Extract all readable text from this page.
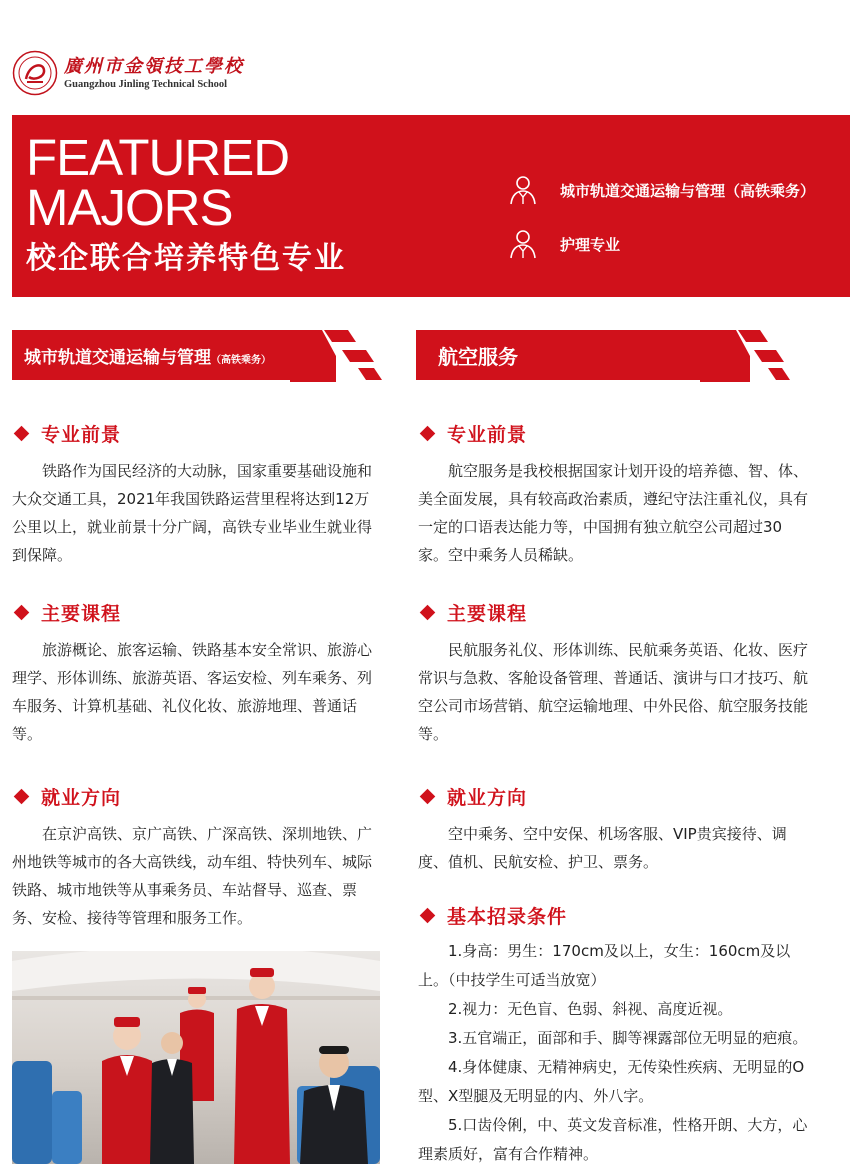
廣州市金領技工學校
Guangzhou Jinling Technical School
FEATURED
MAJORS
校企联合培养特色专业
城市轨道交通运输与管理（高铁乘务）
护理专业
城市轨道交通运输与管理（高铁乘务）	航空服务
专业前景

铁路作为国民经济的大动脉，国家重要基础设施和大众交通工具，2021年我国铁路运营里程将达到12万公里以上，就业前景十分广阔，高铁专业毕业生就业得到保障。

主要课程

旅游概论、旅客运输、铁路基本安全常识、旅游心理学、形体训练、旅游英语、客运安检、列车乘务、列车服务、计算机基础、礼仪化妆、旅游地理、普通话等。

就业方向

在京沪高铁、京广高铁、广深高铁、深圳地铁、广州地铁等城市的各大高铁线，动车组、特快列车、城际铁路、城市地铁等从事乘务员、车站督导、巡查、票务、安检、接待等管理和服务工作。

专业前景

航空服务是我校根据国家计划开设的培养德、智、体、美全面发展，具有较高政治素质，遵纪守法注重礼仪，具有一定的口语表达能力等，中国拥有独立航空公司超过30家。空中乘务人员稀缺。

主要课程

民航服务礼仪、形体训练、民航乘务英语、化妆、医疗常识与急救、客舱设备管理、普通话、演讲与口才技巧、航空公司市场营销、航空运输地理、中外民俗、航空服务技能等。

就业方向

空中乘务、空中安保、机场客服、VIP贵宾接待、调度、值机、民航安检、护卫、票务。

基本招录条件

1.身高：男生：170cm及以上，女生：160cm及以上。（中技学生可适当放宽）

2.视力：无色盲、色弱、斜视、高度近视。

3.五官端正，面部和手、脚等裸露部位无明显的疤痕。

4.身体健康、无精神病史，无传染性疾病、无明显的O型、X型腿及无明显的内、外八字。

5.口齿伶俐，中、英文发音标准，性格开朗、大方，心理素质好，富有合作精神。
